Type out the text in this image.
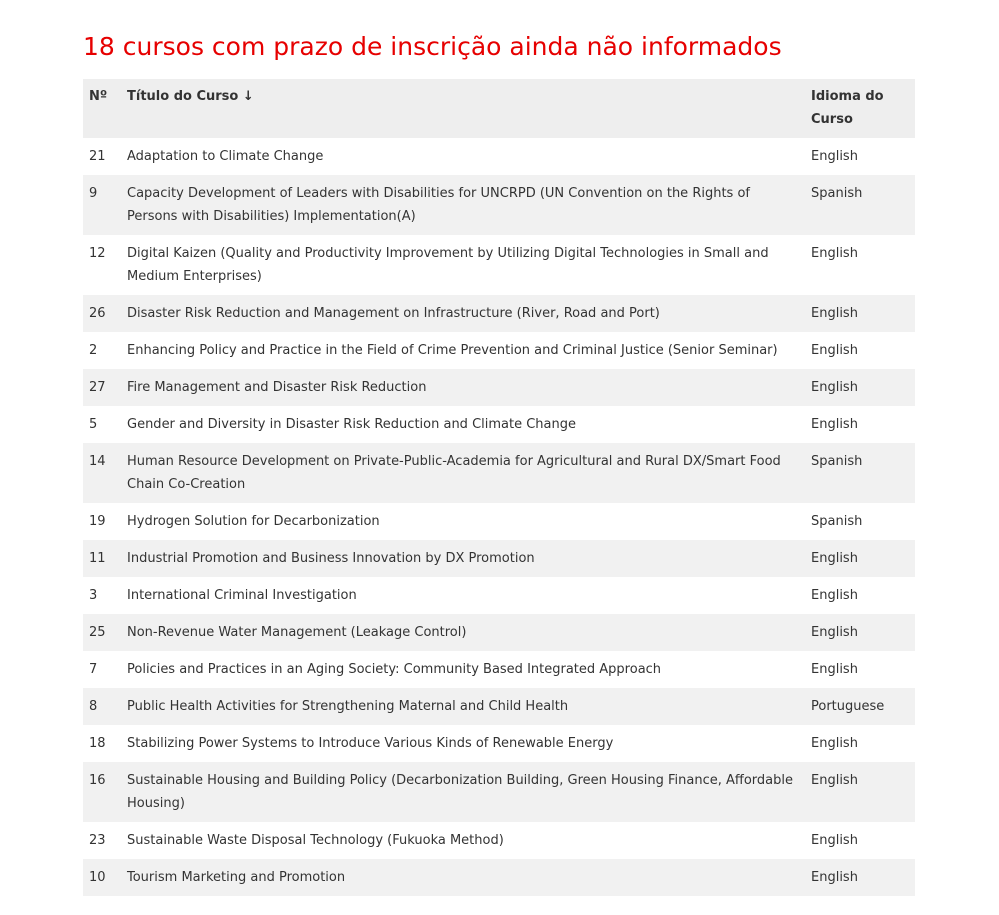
18 cursos com prazo de inscrição ainda não informados
Nº	Título do Curso ↓	Idioma do Curso
21	Adaptation to Climate Change	English
9	Capacity Development of Leaders with Disabilities for UNCRPD (UN Convention on the Rights of Persons with Disabilities) Implementation(A)	Spanish
12	Digital Kaizen (Quality and Productivity Improvement by Utilizing Digital Technologies in Small and Medium Enterprises)	English
26	Disaster Risk Reduction and Management on Infrastructure (River, Road and Port)	English
2	Enhancing Policy and Practice in the Field of Crime Prevention and Criminal Justice (Senior Seminar)	English
27	Fire Management and Disaster Risk Reduction	English
5	Gender and Diversity in Disaster Risk Reduction and Climate Change	English
14	Human Resource Development on Private-Public-Academia for Agricultural and Rural DX/Smart Food Chain Co-Creation	Spanish
19	Hydrogen Solution for Decarbonization	Spanish
11	Industrial Promotion and Business Innovation by DX Promotion	English
3	International Criminal Investigation	English
25	Non-Revenue Water Management (Leakage Control)	English
7	Policies and Practices in an Aging Society: Community Based Integrated Approach	English
8	Public Health Activities for Strengthening Maternal and Child Health	Portuguese
18	Stabilizing Power Systems to Introduce Various Kinds of Renewable Energy	English
16	Sustainable Housing and Building Policy (Decarbonization Building, Green Housing Finance, Affordable Housing)	English
23	Sustainable Waste Disposal Technology (Fukuoka Method)	English
10	Tourism Marketing and Promotion	English
